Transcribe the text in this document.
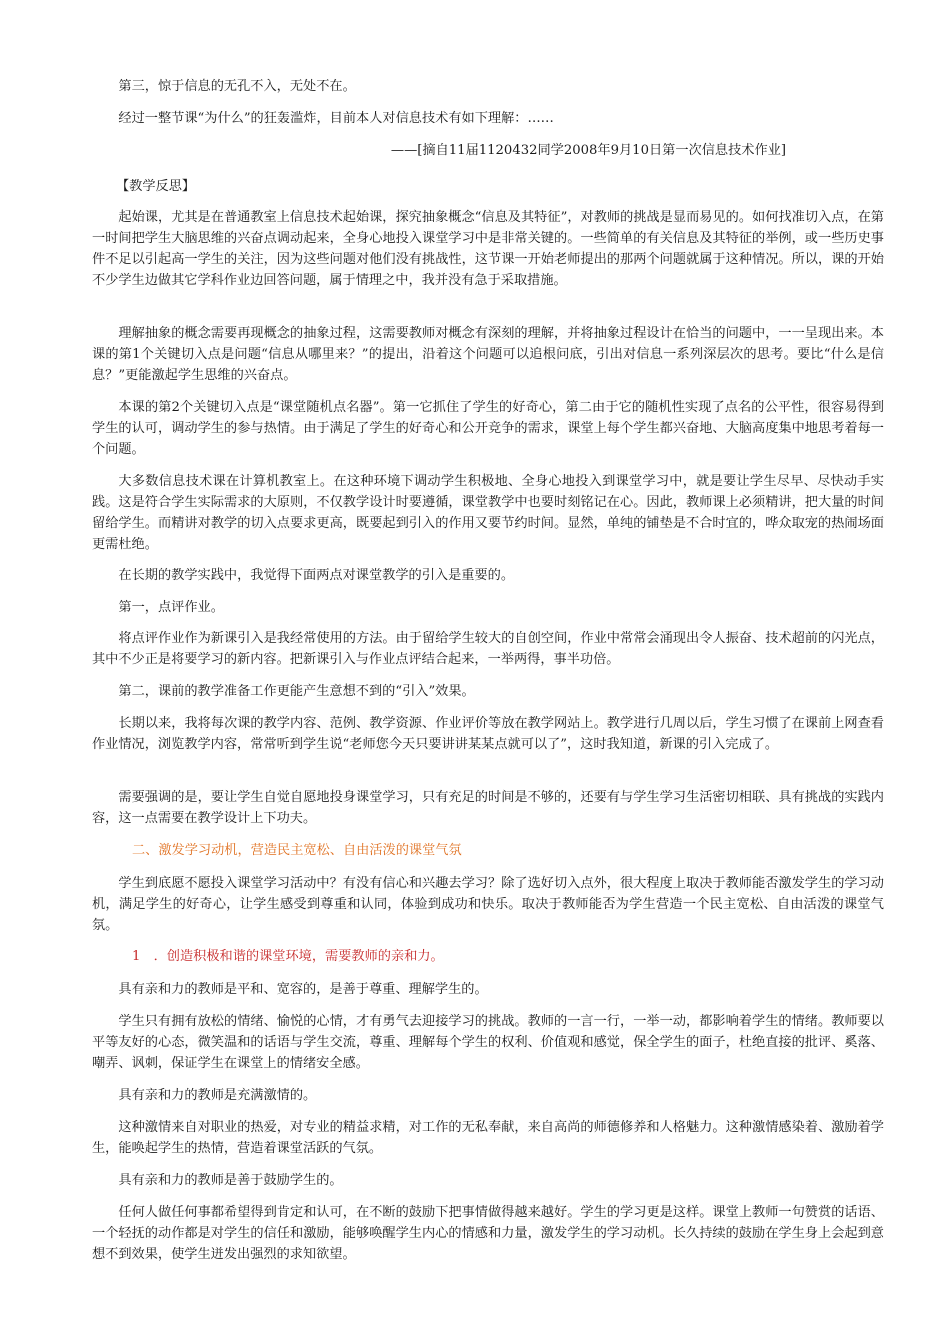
第三，惊于信息的无孔不入，无处不在。

经过一整节课“为什么”的狂轰滥炸，目前本人对信息技术有如下理解：……

——[摘自11届1120432同学2008年9月10日第一次信息技术作业]

【教学反思】

起始课，尤其是在普通教室上信息技术起始课，探究抽象概念“信息及其特征”，对教师的挑战是显而易见的。如何找准切入点，在第一时间把学生大脑思维的兴奋点调动起来，全身心地投入课堂学习中是非常关键的。一些简单的有关信息及其特征的举例，或一些历史事件不足以引起高一学生的关注，因为这些问题对他们没有挑战性，这节课一开始老师提出的那两个问题就属于这种情况。所以，课的开始不少学生边做其它学科作业边回答问题，属于情理之中，我并没有急于采取措施。

理解抽象的概念需要再现概念的抽象过程，这需要教师对概念有深刻的理解，并将抽象过程设计在恰当的问题中，一一呈现出来。本课的第1个关键切入点是问题“信息从哪里来？”的提出，沿着这个问题可以追根问底，引出对信息一系列深层次的思考。要比“什么是信息？”更能激起学生思维的兴奋点。

本课的第2个关键切入点是“课堂随机点名器”。第一它抓住了学生的好奇心，第二由于它的随机性实现了点名的公平性，很容易得到学生的认可，调动学生的参与热情。由于满足了学生的好奇心和公开竞争的需求，课堂上每个学生都兴奋地、大脑高度集中地思考着每一个问题。

大多数信息技术课在计算机教室上。在这种环境下调动学生积极地、全身心地投入到课堂学习中，就是要让学生尽早、尽快动手实践。这是符合学生实际需求的大原则，不仅教学设计时要遵循，课堂教学中也要时刻铭记在心。因此，教师课上必须精讲，把大量的时间留给学生。而精讲对教学的切入点要求更高，既要起到引入的作用又要节约时间。显然，单纯的铺垫是不合时宜的，哗众取宠的热闹场面更需杜绝。

在长期的教学实践中，我觉得下面两点对课堂教学的引入是重要的。

第一，点评作业。

将点评作业作为新课引入是我经常使用的方法。由于留给学生较大的自创空间，作业中常常会涌现出令人振奋、技术超前的闪光点，其中不少正是将要学习的新内容。把新课引入与作业点评结合起来，一举两得，事半功倍。

第二，课前的教学准备工作更能产生意想不到的“引入”效果。

长期以来，我将每次课的教学内容、范例、教学资源、作业评价等放在教学网站上。教学进行几周以后，学生习惯了在课前上网查看作业情况，浏览教学内容，常常听到学生说“老师您今天只要讲讲某某点就可以了”，这时我知道，新课的引入完成了。

需要强调的是，要让学生自觉自愿地投身课堂学习，只有充足的时间是不够的，还要有与学生学习生活密切相联、具有挑战的实践内容，这一点需要在教学设计上下功夫。

二、激发学习动机，营造民主宽松、自由活泼的课堂气氛

学生到底愿不愿投入课堂学习活动中？有没有信心和兴趣去学习？除了选好切入点外，很大程度上取决于教师能否激发学生的学习动机，满足学生的好奇心，让学生感受到尊重和认同，体验到成功和快乐。取决于教师能否为学生营造一个民主宽松、自由活泼的课堂气氛。

1　．创造积极和谐的课堂环境，需要教师的亲和力。

具有亲和力的教师是平和、宽容的，是善于尊重、理解学生的。

学生只有拥有放松的情绪、愉悦的心情，才有勇气去迎接学习的挑战。教师的一言一行，一举一动，都影响着学生的情绪。教师要以平等友好的心态，微笑温和的话语与学生交流，尊重、理解每个学生的权利、价值观和感觉，保全学生的面子，杜绝直接的批评、奚落、嘲弄、讽刺，保证学生在课堂上的情绪安全感。

具有亲和力的教师是充满激情的。

这种激情来自对职业的热爱，对专业的精益求精，对工作的无私奉献，来自高尚的师德修养和人格魅力。这种激情感染着、激励着学生，能唤起学生的热情，营造着课堂活跃的气氛。

具有亲和力的教师是善于鼓励学生的。

任何人做任何事都希望得到肯定和认可，在不断的鼓励下把事情做得越来越好。学生的学习更是这样。课堂上教师一句赞赏的话语、一个轻抚的动作都是对学生的信任和激励，能够唤醒学生内心的情感和力量，激发学生的学习动机。长久持续的鼓励在学生身上会起到意想不到效果，使学生迸发出强烈的求知欲望。
